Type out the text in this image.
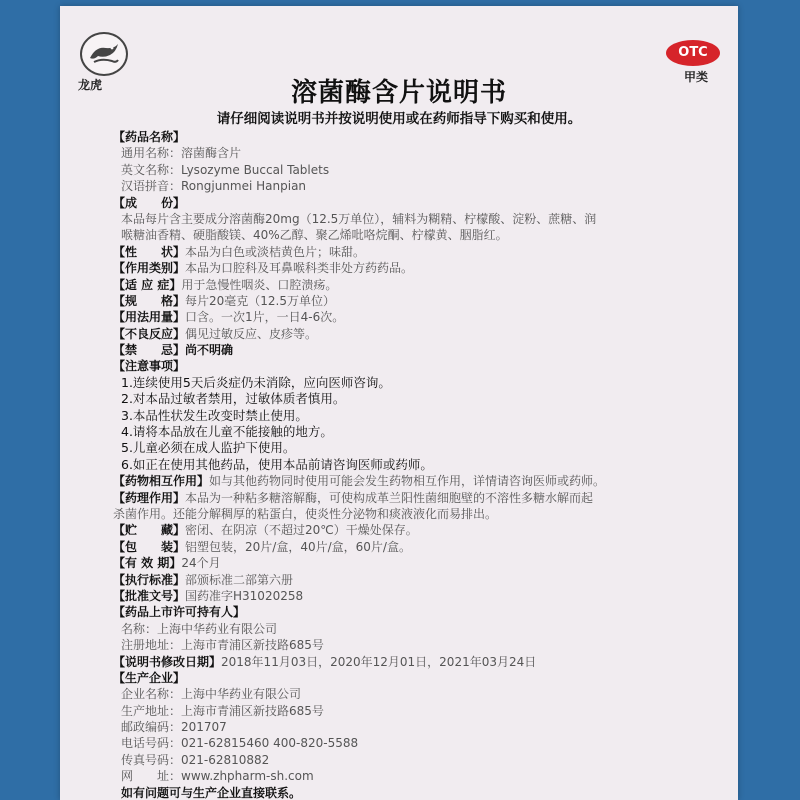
龙虎
OTC
甲类
溶菌酶含片说明书
请仔细阅读说明书并按说明使用或在药师指导下购买和使用。
【药品名称】
通用名称：溶菌酶含片
英文名称：Lysozyme Buccal Tablets
汉语拼音：Rongjunmei Hanpian
【成　　份】
本品每片含主要成分溶菌酶20mg（12.5万单位），辅料为糊精、柠檬酸、淀粉、蔗糖、润
喉糖油香精、硬脂酸镁、40%乙醇、聚乙烯吡咯烷酮、柠檬黄、胭脂红。
【性　　状】本品为白色或淡桔黄色片；味甜。
【作用类别】本品为口腔科及耳鼻喉科类非处方药药品。
【适 应 症】用于急慢性咽炎、口腔溃疡。
【规　　格】每片20毫克（12.5万单位）
【用法用量】口含。一次1片，一日4-6次。
【不良反应】偶见过敏反应、皮疹等。
【禁　　忌】尚不明确
【注意事项】
1.连续使用5天后炎症仍未消除，应向医师咨询。
2.对本品过敏者禁用，过敏体质者慎用。
3.本品性状发生改变时禁止使用。
4.请将本品放在儿童不能接触的地方。
5.儿童必须在成人监护下使用。
6.如正在使用其他药品，使用本品前请咨询医师或药师。
【药物相互作用】如与其他药物同时使用可能会发生药物相互作用，详情请咨询医师或药师。
【药理作用】本品为一种粘多糖溶解酶，可使构成革兰阳性菌细胞壁的不溶性多糖水解而起
杀菌作用。还能分解稠厚的粘蛋白，使炎性分泌物和痰液液化而易排出。
【贮　　藏】密闭、在阴凉（不超过20℃）干燥处保存。
【包　　装】铝塑包装，20片/盒，40片/盒，60片/盒。
【有 效 期】24个月
【执行标准】部颁标准二部第六册
【批准文号】国药准字H31020258
【药品上市许可持有人】
名称：上海中华药业有限公司
注册地址：上海市青浦区新技路685号
【说明书修改日期】2018年11月03日，2020年12月01日，2021年03月24日
【生产企业】
企业名称：上海中华药业有限公司
生产地址：上海市青浦区新技路685号
邮政编码：201707
电话号码：021-62815460 400-820-5588
传真号码：021-62810882
网　　址：www.zhpharm-sh.com
如有问题可与生产企业直接联系。
